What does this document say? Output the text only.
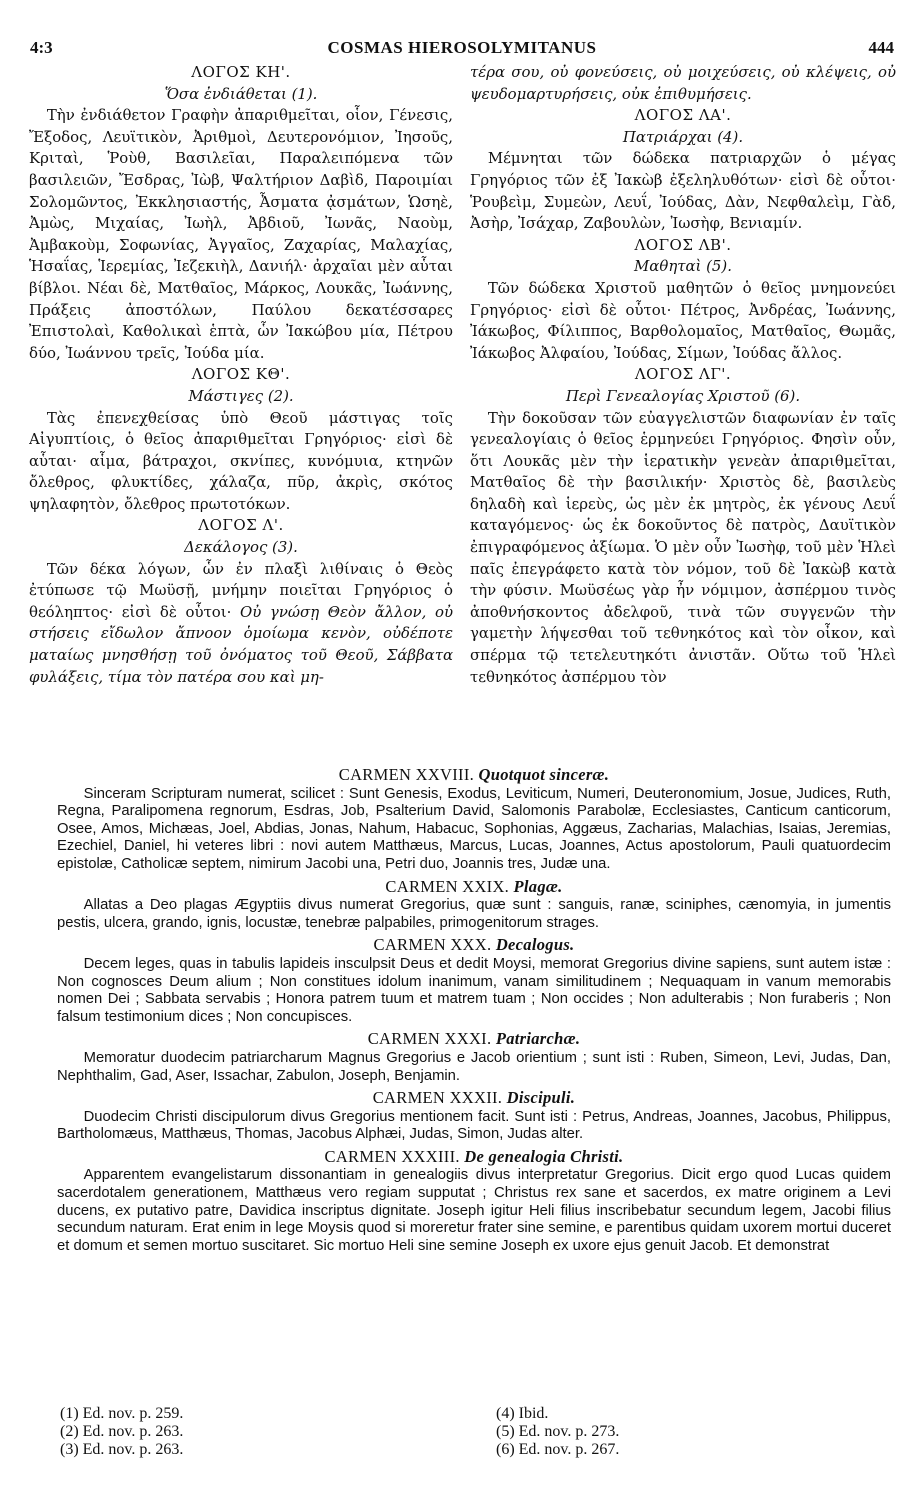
4:3	COSMAS HIEROSOLYMITANUS	444
ΛΟΓΟΣ ΚΗ'.
Ὅσα ἐνδιάθεται (1).

Τὴν ἐνδιάθετον Γραφὴν ἀπαριθμεῖται, οἷον, Γένεσις, Ἔξοδος, Λευϊτικὸν, Ἀριθμοὶ, Δευτερονόμιον, Ἰησοῦς, Κριταὶ, Ῥοὺθ, Βασιλεῖαι, Παραλειπόμενα τῶν βασιλειῶν, Ἔσδρας, Ἰὼβ, Ψαλτήριον Δαβὶδ, Παροιμίαι Σολομῶντος, Ἐκκλησιαστής, Ἆσματα ᾀσμάτων, Ὡσηὲ, Ἀμὼς, Μιχαίας, Ἰωὴλ, Ἀβδιοῦ, Ἰωνᾶς, Ναοὺμ, Ἀμβακοὺμ, Σοφωνίας, Ἀγγαῖος, Ζαχαρίας, Μαλαχίας, Ἡσαΐας, Ἱερεμίας, Ἰεζεκιὴλ, Δανιήλ· ἀρχαῖαι μὲν αὗται βίβλοι. Νέαι δὲ, Ματθαῖος, Μάρκος, Λουκᾶς, Ἰωάννης, Πράξεις ἀποστόλων, Παύλου δεκατέσσαρες Ἐπιστολαὶ, Καθολικαὶ ἑπτὰ, ὧν Ἰακώβου μία, Πέτρου δύο, Ἰωάννου τρεῖς, Ἰούδα μία.

ΛΟΓΟΣ ΚΘ'.
Μάστιγες (2).

Τὰς ἐπενεχθείσας ὑπὸ Θεοῦ μάστιγας τοῖς Αἰγυπτίοις, ὁ θεῖος ἀπαριθμεῖται Γρηγόριος· εἰσὶ δὲ αὗται· αἷμα, βάτραχοι, σκνίπες, κυνόμυια, κτηνῶν ὄλεθρος, φλυκτίδες, χάλαζα, πῦρ, ἀκρὶς, σκότος ψηλαφητὸν, ὄλεθρος πρωτοτόκων.

ΛΟΓΟΣ Λ'.
Δεκάλογος (3).

Τῶν δέκα λόγων, ὧν ἐν πλαξὶ λιθίναις ὁ Θεὸς ἐτύπωσε τῷ Μωϋσῇ, μνήμην ποιεῖται Γρηγόριος ὁ θεόληπτος· εἰσὶ δὲ οὗτοι· Οὐ γνώσῃ Θεὸν ἄλλον, οὐ στήσεις εἴδωλον ἄπνοον ὁμοίωμα κενὸν, οὐδέποτε ματαίως μνησθήσῃ τοῦ ὀνόματος τοῦ Θεοῦ, Σάββατα φυλάξεις, τίμα τὸν πατέρα σου καὶ μη-

τέρα σου, οὐ φονεύσεις, οὐ μοιχεύσεις, οὐ κλέψεις, οὐ ψευδομαρτυρήσεις, οὐκ ἐπιθυμήσεις.

ΛΟΓΟΣ ΛΑ'.
Πατριάρχαι (4).

Μέμνηται τῶν δώδεκα πατριαρχῶν ὁ μέγας Γρηγόριος τῶν ἐξ Ἰακὼβ ἐξεληλυθότων· εἰσὶ δὲ οὗτοι· Ῥουβεὶμ, Συμεὼν, Λευΐ, Ἰούδας, Δὰν, Νεφθαλεὶμ, Γὰδ, Ἀσὴρ, Ἰσάχαρ, Ζαβουλὼν, Ἰωσὴφ, Βενιαμίν.

ΛΟΓΟΣ ΛΒ'.
Μαθηταὶ (5).

Τῶν δώδεκα Χριστοῦ μαθητῶν ὁ θεῖος μνημονεύει Γρηγόριος· εἰσὶ δὲ οὗτοι· Πέτρος, Ἀνδρέας, Ἰωάννης, Ἰάκωβος, Φίλιππος, Βαρθολομαῖος, Ματθαῖος, Θωμᾶς, Ἰάκωβος Ἀλφαίου, Ἰούδας, Σίμων, Ἰούδας ἄλλος.

ΛΟΓΟΣ ΛΓ'.
Περὶ Γενεαλογίας Χριστοῦ (6).

Τὴν δοκοῦσαν τῶν εὐαγγελιστῶν διαφωνίαν ἐν ταῖς γενεαλογίαις ὁ θεῖος ἑρμηνεύει Γρηγόριος. Φησὶν οὖν, ὅτι Λουκᾶς μὲν τὴν ἱερατικὴν γενεὰν ἀπαριθμεῖται, Ματθαῖος δὲ τὴν βασιλικήν· Χριστὸς δὲ, βασιλεὺς δηλαδὴ καὶ ἱερεὺς, ὡς μὲν ἐκ μητρὸς, ἐκ γένους Λευΐ καταγόμενος· ὡς ἐκ δοκοῦντος δὲ πατρὸς, Δαυϊτικὸν ἐπιγραφόμενος ἀξίωμα. Ὁ μὲν οὖν Ἰωσὴφ, τοῦ μὲν Ἡλεὶ παῖς ἐπεγράφετο κατὰ τὸν νόμον, τοῦ δὲ Ἰακὼβ κατὰ τὴν φύσιν. Μωϋσέως γὰρ ἦν νόμιμον, ἀσπέρμου τινὸς ἀποθνήσκοντος ἀδελφοῦ, τινὰ τῶν συγγενῶν τὴν γαμετὴν λήψεσθαι τοῦ τεθνηκότος καὶ τὸν οἶκον, καὶ σπέρμα τῷ τετελευτηκότι ἀνιστᾶν. Οὕτω τοῦ Ἡλεὶ τεθνηκότος ἀσπέρμου τὸν

CARMEN XXVIII. Quotquot sinceræ.

Sinceram Scripturam numerat, scilicet : Sunt Genesis, Exodus, Leviticum, Numeri, Deuteronomium, Josue, Judices, Ruth, Regna, Paralipomena regnorum, Esdras, Job, Psalterium David, Salomonis Parabolæ, Ecclesiastes, Canticum canticorum, Osee, Amos, Michæas, Joel, Abdias, Jonas, Nahum, Habacuc, Sophonias, Aggæus, Zacharias, Malachias, Isaias, Jeremias, Ezechiel, Daniel, hi veteres libri : novi autem Matthæus, Marcus, Lucas, Joannes, Actus apostolorum, Pauli quatuordecim epistolæ, Catholicæ septem, nimirum Jacobi una, Petri duo, Joannis tres, Judæ una.

CARMEN XXIX. Plagæ.

Allatas a Deo plagas Ægyptiis divus numerat Gregorius, quæ sunt : sanguis, ranæ, sciniphes, cænomyia, in jumentis pestis, ulcera, grando, ignis, locustæ, tenebræ palpabiles, primogenitorum strages.

CARMEN XXX. Decalogus.

Decem leges, quas in tabulis lapideis insculpsit Deus et dedit Moysi, memorat Gregorius divine sapiens, sunt autem istæ : Non cognosces Deum alium ; Non constitues idolum inanimum, vanam similitudinem ; Nequaquam in vanum memorabis nomen Dei ; Sabbata servabis ; Honora patrem tuum et matrem tuam ; Non occides ; Non adulterabis ; Non furaberis ; Non falsum testimonium dices ; Non concupisces.

CARMEN XXXI. Patriarchæ.

Memoratur duodecim patriarcharum Magnus Gregorius e Jacob orientium ; sunt isti : Ruben, Simeon, Levi, Judas, Dan, Nephthalim, Gad, Aser, Issachar, Zabulon, Joseph, Benjamin.

CARMEN XXXII. Discipuli.

Duodecim Christi discipulorum divus Gregorius mentionem facit. Sunt isti : Petrus, Andreas, Joannes, Jacobus, Philippus, Bartholomæus, Matthæus, Thomas, Jacobus Alphæi, Judas, Simon, Judas alter.

CARMEN XXXIII. De genealogia Christi.

Apparentem evangelistarum dissonantiam in genealogiis divus interpretatur Gregorius. Dicit ergo quod Lucas quidem sacerdotalem generationem, Matthæus vero regiam supputat ; Christus rex sane et sacerdos, ex matre originem a Levi ducens, ex putativo patre, Davidica inscriptus dignitate. Joseph igitur Heli filius inscribebatur secundum legem, Jacobi filius secundum naturam. Erat enim in lege Moysis quod si moreretur frater sine semine, e parentibus quidam uxorem mortui duceret et domum et semen mortuo suscitaret. Sic mortuo Heli sine semine Joseph ex uxore ejus genuit Jacob. Et demonstrat

(1) Ed. nov. p. 259.
(2) Ed. nov. p. 263.
(3) Ed. nov. p. 263.
(4) Ibid.
(5) Ed. nov. p. 273.
(6) Ed. nov. p. 267.
